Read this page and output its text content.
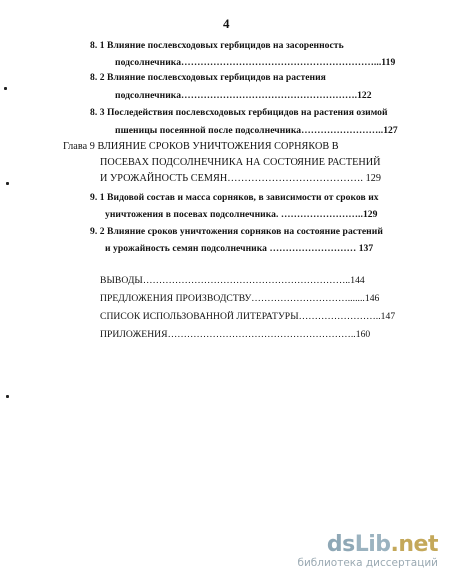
4
8. 1 Влияние послевсходовых гербицидов на засоренность
подсолнечника……………………………………………………...119
8. 2 Влияние послевсходовых гербицидов на растения
подсолнечника……………………………………………….122
8. 3 Последействия послевсходовых гербицидов на растения озимой
пшеницы посеянной после подсолнечника……………………..127
Глава 9 ВЛИЯНИЕ СРОКОВ УНИЧТОЖЕНИЯ СОРНЯКОВ В
ПОСЕВАХ ПОДСОЛНЕЧНИКА НА СОСТОЯНИЕ РАСТЕНИЙ
И УРОЖАЙНОСТЬ СЕМЯН…………………………………. 129
9. 1 Видовой состав и масса сорняков, в зависимости от сроков их
уничтожения в посевах подсолнечника. ……………………..129
9. 2 Влияние сроков уничтожения сорняков на состояние растений
и урожайность семян подсолнечника ……………………… 137
ВЫВОДЫ………………………………………………………..144
ПРЕДЛОЖЕНИЯ ПРОИЗВОДСТВУ………………………….......146
СПИСОК ИСПОЛЬЗОВАННОЙ ЛИТЕРАТУРЫ……………………..147
ПРИЛОЖЕНИЯ…………………………………………………..160
dsLib.net
библиотека диссертаций
